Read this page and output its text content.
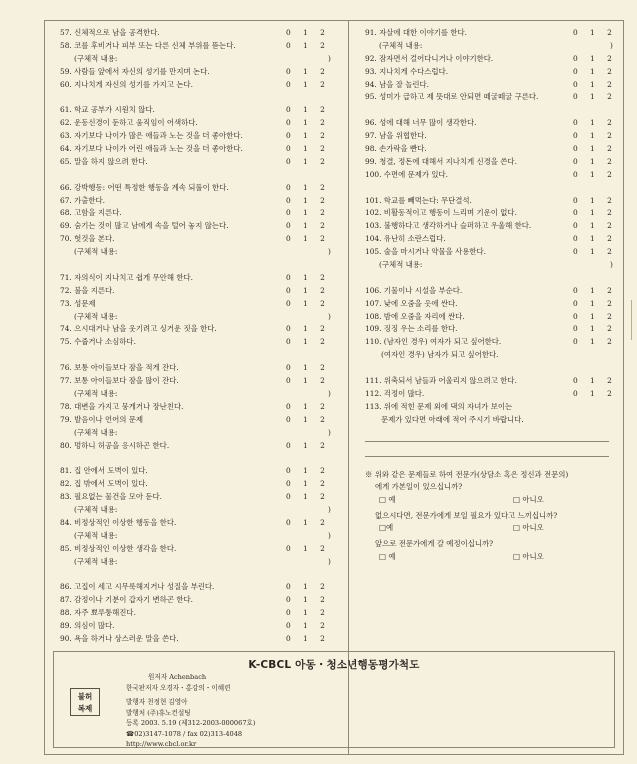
57. 신체적으로 남을 공격한다.	0 1 2
58. 코를 후비거나 피부 또는 다른 신체 부위를 뜯는다.	0 1 2
(구체적 내용:	)
59. 사람들 앞에서 자신의 성기를 만지며 논다.	0 1 2
60. 지나치게 자신의 성기를 가지고 논다.	0 1 2
61. 학교 공부가 시원치 않다.	0 1 2
62. 운동신경이 둔하고 움직임이 어색하다.	0 1 2
63. 자기보다 나이가 많은 애들과 노는 것을 더 좋아한다.	0 1 2
64. 자기보다 나이가 어린 애들과 노는 것을 더 좋아한다.	0 1 2
65. 말을 하지 않으려 한다.	0 1 2
66. 강박행동: 어떤 특정한 행동을 계속 되풀이 한다.	0 1 2
67. 가출한다.	0 1 2
68. 고함을 지른다.	0 1 2
69. 숨기는 것이 많고 남에게 속을 털어 놓지 않는다.	0 1 2
70. 헛것을 본다.	0 1 2
(구체적 내용:	)
71. 자의식이 지나치고 쉽게 무안해 한다.	0 1 2
72. 불을 지른다.	0 1 2
73. 성문제	0 1 2
(구체적 내용:	)
74. 으시대거나 남을 웃기려고 싱거운 짓을 한다.	0 1 2
75. 수줍거나 소심하다.	0 1 2
76. 보통 아이들보다 잠을 적게 잔다.	0 1 2
77. 보통 아이들보다 잠을 많이 잔다.	0 1 2
(구체적 내용:	)
78. 대변을 가지고 뭉게거나 장난친다.	0 1 2
79. 발음이나 언어의 문제	0 1 2
(구체적 내용:	)
80. 멍하니 허공을 응시하곤 한다.	0 1 2
81. 집 안에서 도벽이 있다.	0 1 2
82. 집 밖에서 도벽이 있다.	0 1 2
83. 필요없는 물건을 모아 둔다.	0 1 2
(구체적 내용:	)
84. 비정상적인 이상한 행동을 한다.	0 1 2
(구체적 내용:	)
85. 비정상적인 이상한 생각을 한다.	0 1 2
(구체적 내용:	)
86. 고집이 세고 시무룩해지거나 성질을 부린다.	0 1 2
87. 감정이나 기분이 갑자기 변하곤 한다.	0 1 2
88. 자주 뾰루퉁해진다.	0 1 2
89. 의심이 많다.	0 1 2
90. 욕을 하거나 상스러운 말을 쓴다.	0 1 2
91. 자살에 대한 이야기를 한다.	0 1 2
(구체적 내용:	)
92. 잠자면서 걸어다니거나 이야기한다.	0 1 2
93. 지나치게 수다스럽다.	0 1 2
94. 남을 잘 놀린다.	0 1 2
95. 성미가 급하고 제 뜻대로 안되면 떼굴떼굴 구른다.	0 1 2
96. 성에 대해 너무 많이 생각한다.	0 1 2
97. 남을 위협한다.	0 1 2
98. 손가락을 빤다.	0 1 2
99. 청결, 정돈에 대해서 지나치게 신경을 쓴다.	0 1 2
100. 수면에 문제가 있다.	0 1 2
101. 학교를 빼먹는다: 무단결석.	0 1 2
102. 비활동적이고 행동이 느리며 기운이 없다.	0 1 2
103. 불행하다고 생각하거나 슬퍼하고 우울해 한다.	0 1 2
104. 유난히 소란스럽다.	0 1 2
105. 술을 마시거나 약물을 사용한다.	0 1 2
(구체적 내용:	)
106. 기물이나 시설을 부순다.	0 1 2
107. 낮에 오줌을 옷에 싼다.	0 1 2
108. 밤에 오줌을 자리에 싼다.	0 1 2
109. 징징 우는 소리를 한다.	0 1 2
110. (남자인 경우) 여자가 되고 싶어한다.	0 1 2
(여자인 경우) 남자가 되고 싶어한다.
111. 위축되서 남들과 어울리지 않으려고 한다.	0 1 2
112. 걱정이 많다.	0 1 2
113. 위에 적힌 문제 외에 댁의 자녀가 보이는
문제가 있다면 아래에 적어 주시기 바랍니다.
※ 위와 같은 문제들로 하여 전문가(상담소 혹은 정신과 전문의)
에게 가본일이 있으십니까?
□ 예	□ 아니오
없으시다면, 전문가에게 보일 필요가 있다고 느끼십니까?
□예	□ 아니오
앞으로 전문가에게 갈 예정이십니까?
□ 예	□ 아니오
K-CBCL 아동・청소년행동평가척도
불허
복제
원저자 Achenbach
한국판저자 오경자・홍강의・이혜련
발행자 천정현 김영아
발행처 (주)휴노컨설팅
등록 2003. 5.19 (제312-2003-000067호)
☎02)3147-1078 / fax 02)313-4048
http://www.cbcl.or.kr
